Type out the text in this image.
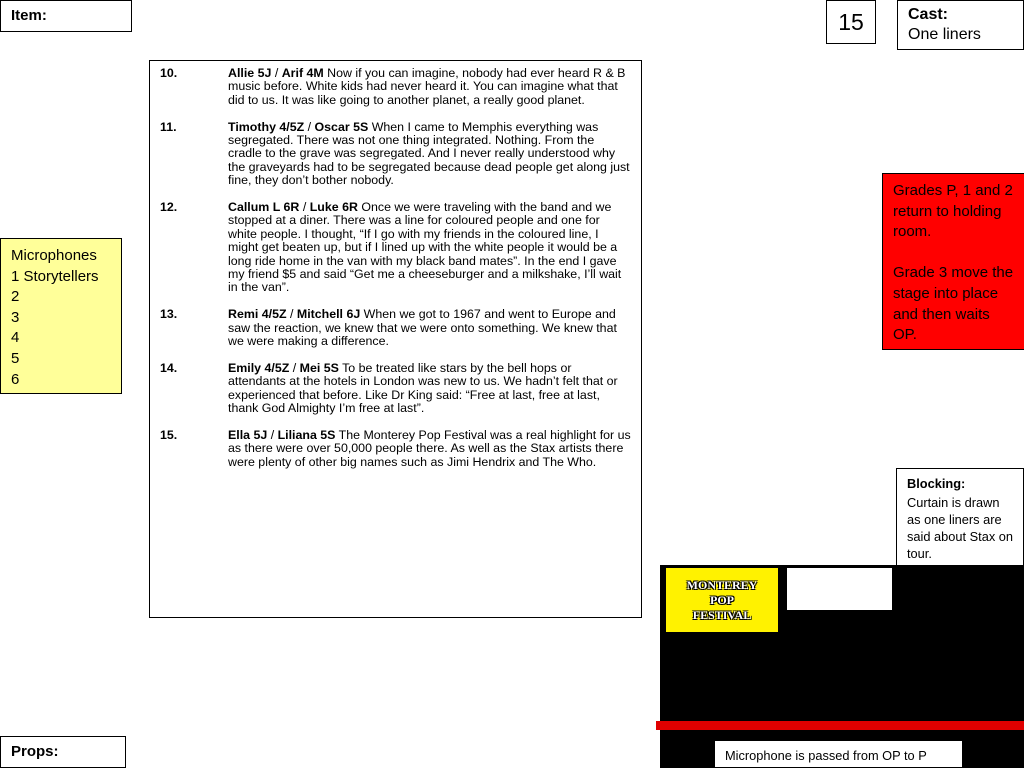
Item:	15	Cast:
One liners
10.	Allie 5J / Arif 4M Now if you can imagine, nobody had ever heard R & B music before. White kids had never heard it. You can imagine what that did to us. It was like going to another planet, a really good planet.
11.	Timothy 4/5Z / Oscar 5S When I came to Memphis everything was segregated. There was not one thing integrated. Nothing. From the cradle to the grave was segregated. And I never really understood why the graveyards had to be segregated because dead people get along just fine, they don’t bother nobody.
12.	Callum L 6R / Luke 6R Once we were traveling with the band and we stopped at a diner. There was a line for coloured people and one for white people. I thought, “If I go with my friends in the coloured line, I might get beaten up, but if I lined up with the white people it would be a long ride home in the van with my black band mates”. In the end I gave my friend $5 and said “Get me a cheeseburger and a milkshake, I’ll wait in the van”.
13.	Remi 4/5Z / Mitchell 6J When we got to 1967 and went to Europe and saw the reaction, we knew that we were onto something. We knew that we were making a difference.
14.	Emily 4/5Z / Mei 5S To be treated like stars by the bell hops or attendants at the hotels in London was new to us. We hadn’t felt that or experienced that before. Like Dr King said: “Free at last, free at last, thank God Almighty I’m free at last”.
15.	Ella 5J / Liliana 5S The Monterey Pop Festival was a real highlight for us as there were over 50,000 people there. As well as the Stax artists there were plenty of other big names such as Jimi Hendrix and The Who.
Microphones
1 Storytellers
2
3
4
5
6

Grades P, 1 and 2 return to holding room.

Grade 3 move the stage into place and then waits OP.

Blocking:
Curtain is drawn as one liners are said about Stax on tour.
MONTEREY
POP
FESTIVAL
Props:	Microphone is passed from OP to P
